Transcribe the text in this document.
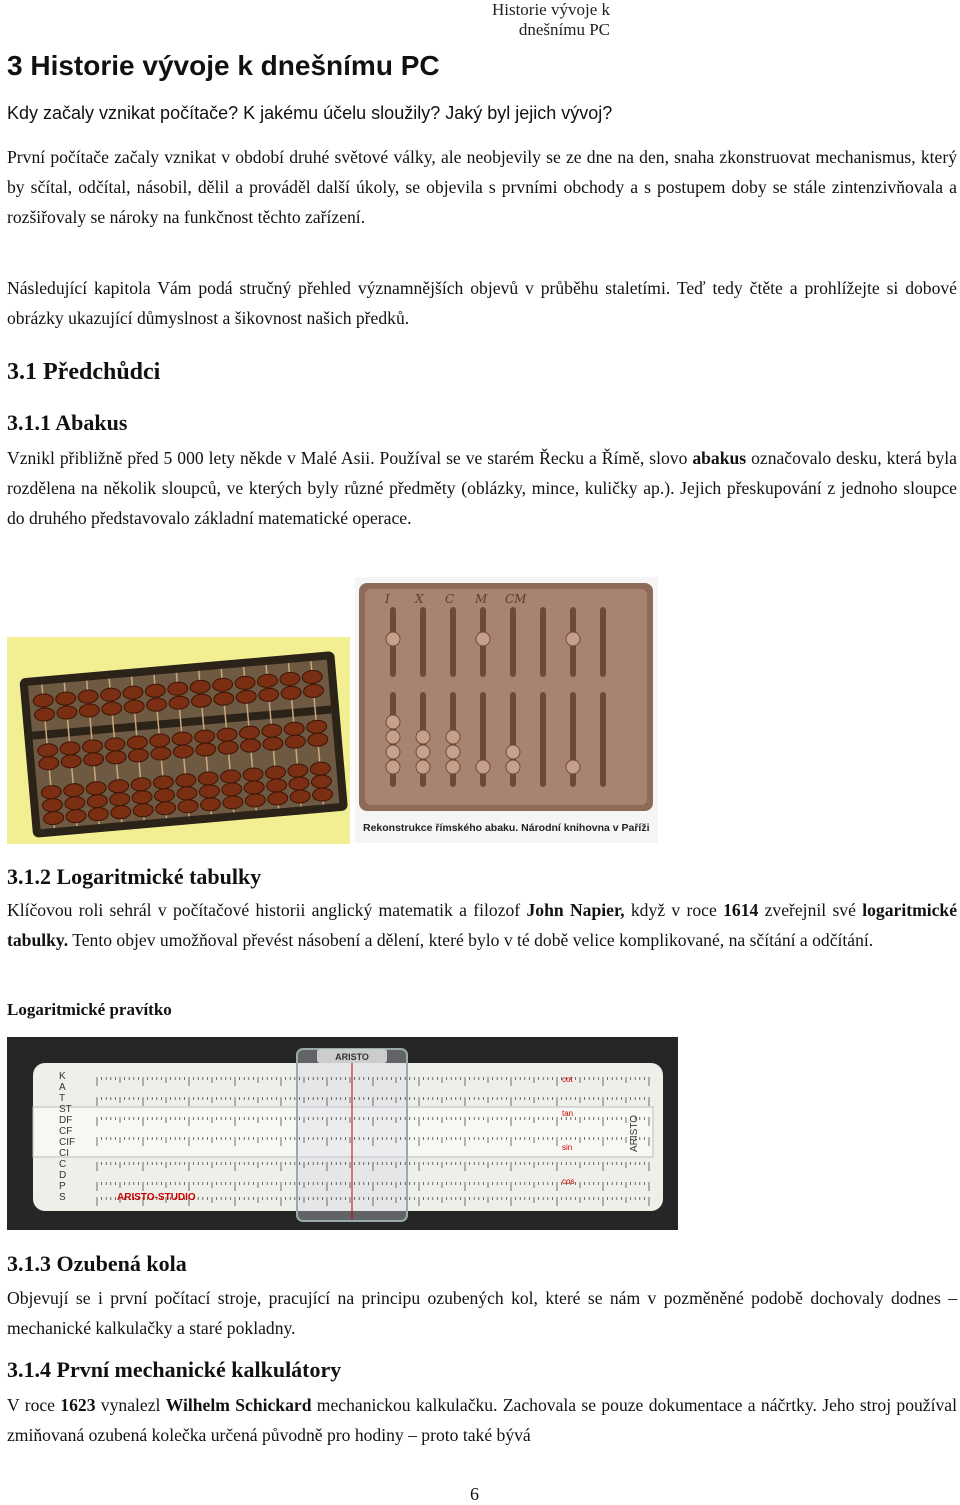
Historie vývoje k dnešnímu PC
3 Historie vývoje k dnešnímu PC
Kdy začaly vznikat počítače? K jakému účelu sloužily? Jaký byl jejich vývoj?

První počítače začaly vznikat v období druhé světové války, ale neobjevily se ze dne na den, snaha zkonstruovat mechanismus, který by sčítal, odčítal, násobil, dělil a prováděl další úkoly, se objevila s prvními obchody a s postupem doby se stále zintenzivňovala a rozšiřovaly se nároky na funkčnost těchto zařízení.

Následující kapitola Vám podá stručný přehled významnějších objevů v průběhu staletími. Teď tedy čtěte a prohlížejte si dobové obrázky ukazující důmyslnost a šikovnost našich předků.

3.1 Předchůdci
3.1.1 Abakus

Vznikl přibližně před 5 000 lety někde v Malé Asii. Používal se ve starém Řecku a Římě, slovo abakus označovalo desku, která byla rozdělena na několik sloupců, ve kterých byly různé předměty (oblázky, mince, kuličky ap.). Jejich přeskupování z jednoho sloupce do druhého představovalo základní matematické operace.

I X C M CM
Rekonstrukce římského abaku. Národní knihovna v Paříži
3.1.2 Logaritmické tabulky

Klíčovou roli sehrál v počítačové historii anglický matematik a filozof John Napier, když v roce 1614 zveřejnil své logaritmické tabulky. Tento objev umožňoval převést násobení a dělení, které bylo v té době velice komplikované, na sčítání a odčítání.

Logaritmické pravítko
ARISTO
K
A
T
ST
DF
CF
CIF
CI
C
D
P
S
cot
tan
sin
cos
ARISTO-STUDIO
ARISTO
3.1.3 Ozubená kola

Objevují se i první počítací stroje, pracující na principu ozubených kol, které se nám v pozměněné podobě dochovaly dodnes – mechanické kalkulačky a staré pokladny.

3.1.4 První mechanické kalkulátory

V roce 1623 vynalezl Wilhelm Schickard mechanickou kalkulačku. Zachovala se pouze dokumentace a náčrtky. Jeho stroj používal zmiňovaná ozubená kolečka určená původně pro hodiny – proto také bývá

6
